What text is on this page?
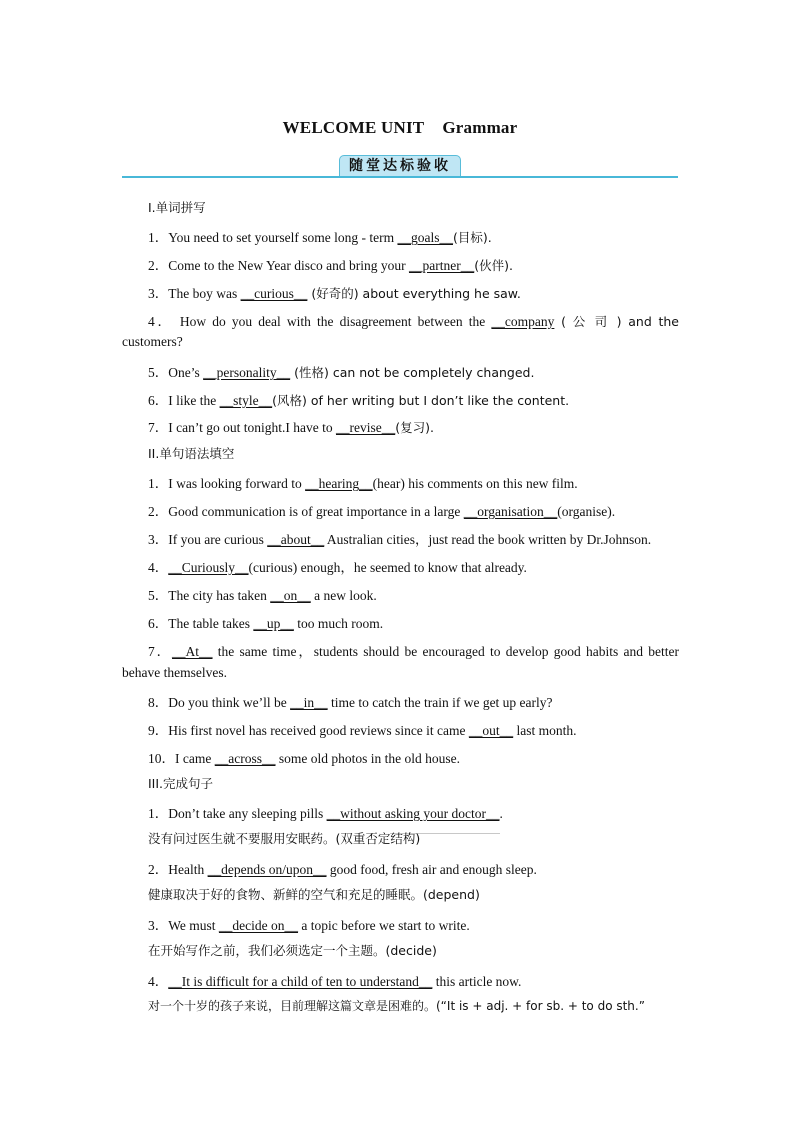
WELCOME UNIT Grammar
随堂达标验收
I.单词拼写
1．You need to set yourself some long - term __goals__(目标).
2．Come to the New Year disco and bring your __partner__(伙伴).
3．The boy was __curious__ (好奇的) about everything he saw.
4． How do you deal with the disagreement between the __company ( 公 司 ) and the
customers?
5．One’s __personality__ (性格) can not be completely changed.
6．I like the __style__(风格) of her writing but I don’t like the content.
7．I can’t go out tonight.I have to __revise__(复习).
II.单句语法填空
1．I was looking forward to __hearing__(hear) his comments on this new film.
2．Good communication is of great importance in a large __organisation__(organise).
3．If you are curious __about__ Australian cities，just read the book written by Dr.Johnson.
4．__Curiously__(curious) enough，he seemed to know that already.
5．The city has taken __on__ a new look.
6．The table takes __up__ too much room.
7．__At__ the same time，students should be encouraged to develop good habits and better
behave themselves.
8．Do you think we’ll be __in__ time to catch the train if we get up early?
9．His first novel has received good reviews since it came __out__ last month.
10．I came __across__ some old photos in the old house.
III.完成句子
1．Don’t take any sleeping pills __without asking your doctor__.
没有问过医生就不要服用安眠药。(双重否定结构)
2．Health __depends on/upon__ good food, fresh air and enough sleep.
健康取决于好的食物、新鲜的空气和充足的睡眠。(depend)
3．We must __decide on__ a topic before we start to write.
在开始写作之前，我们必须选定一个主题。(decide)
4．__It is difficult for a child of ten to understand__ this article now.
对一个十岁的孩子来说，目前理解这篇文章是困难的。(“It is + adj. + for sb. + to do sth.”
